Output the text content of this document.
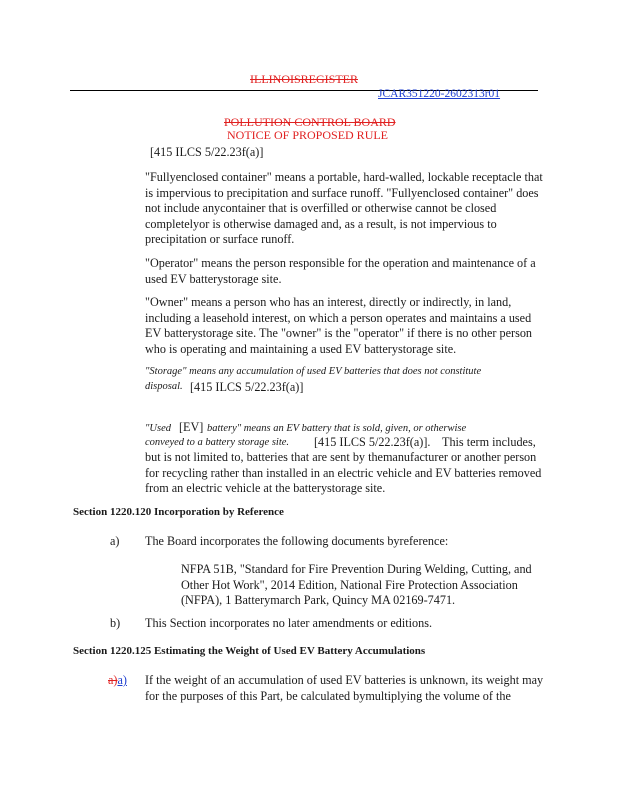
ILLINOISREGISTER
JCAR351220-2602313r01
POLLUTION CONTROL BOARD
NOTICE OF PROPOSED RULE
[415 ILCS 5/22.23f(a)]
"Fullyenclosed container" means a portable, hard-walled, lockable receptacle that
is impervious to precipitation and surface runoff. "Fullyenclosed container" does
not include anycontainer that is overfilled or otherwise cannot be closed
completelyor is otherwise damaged and, as a result, is not impervious to
precipitation or surface runoff.
"Operator" means the person responsible for the operation and maintenance of a
used EV batterystorage site.
"Owner" means a person who has an interest, directly or indirectly, in land,
including a leasehold interest, on which a person operates and maintains a used
EV batterystorage site. The "owner" is the "operator" if there is no other person
who is operating and maintaining a used EV batterystorage site.
"Storage" means any accumulation of used EV batteries that does not constitute
disposal. [415 ILCS 5/22.23f(a)]
"Used [EV] battery" means an EV battery that is sold, given, or otherwise
conveyed to a battery storage site. [415 ILCS 5/22.23f(a)]. This term includes,
but is not limited to, batteries that are sent by themanufacturer or another person
for recycling rather than installed in an electric vehicle and EV batteries removed
from an electric vehicle at the batterystorage site.
Section 1220.120 Incorporation by Reference
a) The Board incorporates the following documents byreference:
NFPA 51B, "Standard for Fire Prevention During Welding, Cutting, and
Other Hot Work", 2014 Edition, National Fire Protection Association
(NFPA), 1 Batterymarch Park, Quincy MA 02169-7471.
b) This Section incorporates no later amendments or editions.
Section 1220.125 Estimating the Weight of Used EV Battery Accumulations
a)a) If the weight of an accumulation of used EV batteries is unknown, its weight may
for the purposes of this Part, be calculated bymultiplying the volume of the
